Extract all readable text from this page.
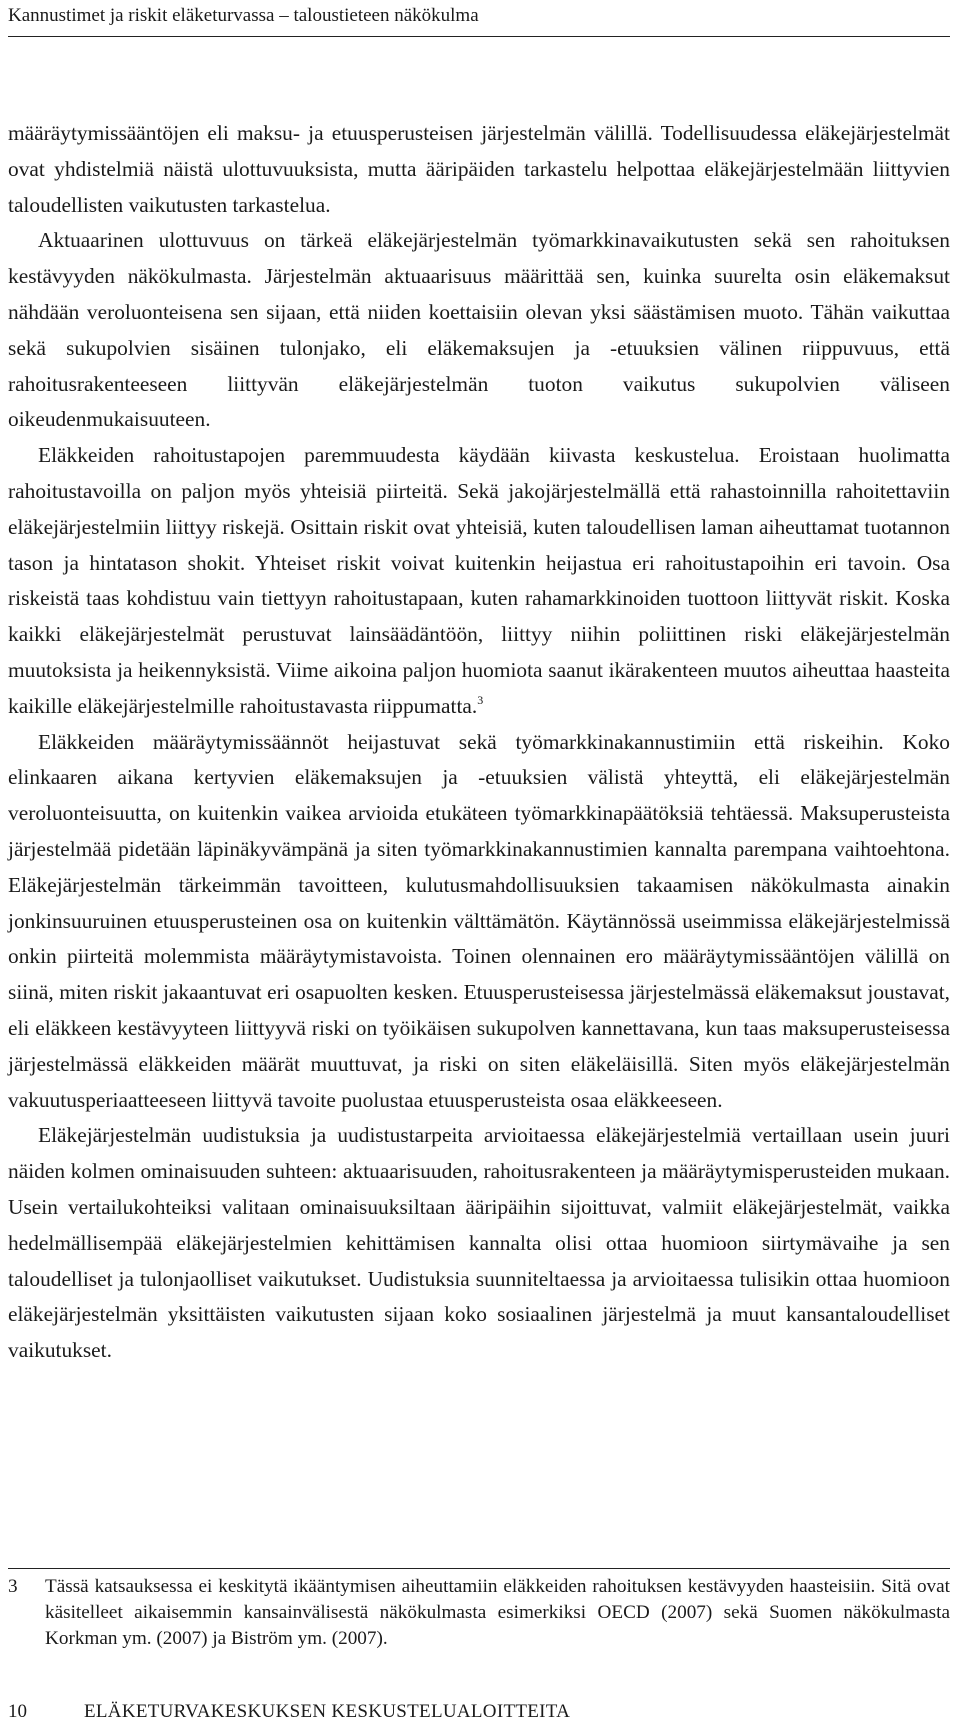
Kannustimet ja riskit eläketurvassa – taloustieteen näkökulma

määräytymissääntöjen eli maksu- ja etuusperusteisen järjestelmän välillä. Todellisuudessa eläkejärjestelmät ovat yhdistelmiä näistä ulottuvuuksista, mutta ääripäiden tarkastelu helpottaa eläkejärjestelmään liittyvien taloudellisten vaikutusten tarkastelua.

Aktuaarinen ulottuvuus on tärkeä eläkejärjestelmän työmarkkinavaikutusten sekä sen rahoituksen kestävyyden näkökulmasta. Järjestelmän aktuaarisuus määrittää sen, kuinka suurelta osin eläkemaksut nähdään veroluonteisena sen sijaan, että niiden koettaisiin olevan yksi säästämisen muoto. Tähän vaikuttaa sekä sukupolvien sisäinen tulonjako, eli eläkemaksujen ja -etuuksien välinen riippuvuus, että rahoitusrakenteeseen liittyvän eläkejärjestelmän tuoton vaikutus sukupolvien väliseen oikeudenmukaisuuteen.

Eläkkeiden rahoitustapojen paremmuudesta käydään kiivasta keskustelua. Eroistaan huolimatta rahoitustavoilla on paljon myös yhteisiä piirteitä. Sekä jakojärjestelmällä että rahastoinnilla rahoitettaviin eläkejärjestelmiin liittyy riskejä. Osittain riskit ovat yhteisiä, kuten taloudellisen laman aiheuttamat tuotannon tason ja hintatason shokit. Yhteiset riskit voivat kuitenkin heijastua eri rahoitustapoihin eri tavoin. Osa riskeistä taas kohdistuu vain tiettyyn rahoitustapaan, kuten rahamarkkinoiden tuottoon liittyvät riskit. Koska kaikki eläkejärjestelmät perustuvat lainsäädäntöön, liittyy niihin poliittinen riski eläkejärjestelmän muutoksista ja heikennyksistä. Viime aikoina paljon huomiota saanut ikärakenteen muutos aiheuttaa haasteita kaikille eläkejärjestelmille rahoitustavasta riippumatta.$^3$

Eläkkeiden määräytymissäännöt heijastuvat sekä työmarkkinakannustimiin että riskeihin. Koko elinkaaren aikana kertyvien eläkemaksujen ja -etuuksien välistä yhteyttä, eli eläkejärjestelmän veroluonteisuutta, on kuitenkin vaikea arvioida etukäteen työmarkkinapäätöksiä tehtäessä. Maksuperusteista järjestelmää pidetään läpinäkyvämpänä ja siten työmarkkinakannustimien kannalta parempana vaihtoehtona. Eläkejärjestelmän tärkeimmän tavoitteen, kulutusmahdollisuuksien takaamisen näkökulmasta ainakin jonkinsuuruinen etuusperusteinen osa on kuitenkin välttämätön. Käytännössä useimmissa eläkejärjestelmissä onkin piirteitä molemmista määräytymistavoista. Toinen olennainen ero määräytymissääntöjen välillä on siinä, miten riskit jakaantuvat eri osapuolten kesken. Etuusperusteisessa järjestelmässä eläkemaksut joustavat, eli eläkkeen kestävyyteen liittyyvä riski on työikäisen sukupolven kannettavana, kun taas maksuperusteisessa järjestelmässä eläkkeiden määrät muuttuvat, ja riski on siten eläkeläisillä. Siten myös eläkejärjestelmän vakuutusperiaatteeseen liittyvä tavoite puolustaa etuusperusteista osaa eläkkeeseen.

Eläkejärjestelmän uudistuksia ja uudistustarpeita arvioitaessa eläkejärjestelmiä vertaillaan usein juuri näiden kolmen ominaisuuden suhteen: aktuaarisuuden, rahoitusrakenteen ja määräytymisperusteiden mukaan. Usein vertailukohteiksi valitaan ominaisuuksiltaan ääripäihin sijoittuvat, valmiit eläkejärjestelmät, vaikka hedelmällisempää eläkejärjestelmien kehittämisen kannalta olisi ottaa huomioon siirtymävaihe ja sen taloudelliset ja tulonjaolliset vaikutukset. Uudistuksia suunniteltaessa ja arvioitaessa tulisikin ottaa huomioon eläkejärjestelmän yksittäisten vaikutusten sijaan koko sosiaalinen järjestelmä ja muut kansantaloudelliset vaikutukset.

3	Tässä katsauksessa ei keskitytä ikääntymisen aiheuttamiin eläkkeiden rahoituksen kestävyyden haasteisiin. Sitä ovat käsitelleet aikaisemmin kansainvälisestä näkökulmasta esimerkiksi OECD (2007) sekä Suomen näkökulmasta Korkman ym. (2007) ja Biström ym. (2007).
10	ELÄKETURVAKESKUKSEN KESKUSTELUALOITTEITA
